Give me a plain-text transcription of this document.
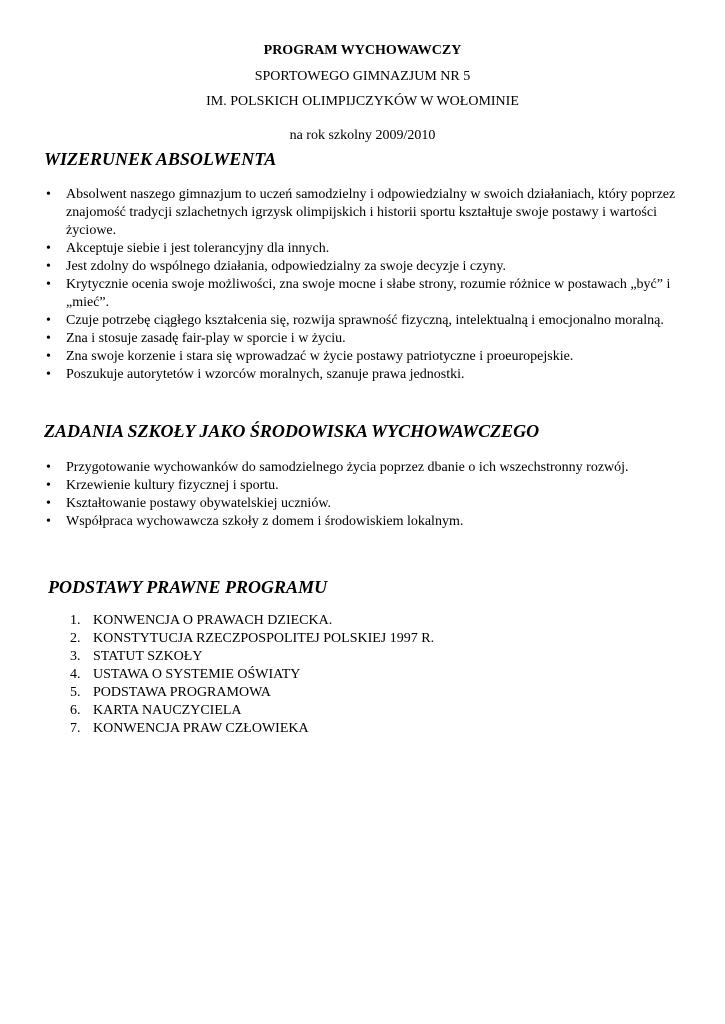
PROGRAM WYCHOWAWCZY
SPORTOWEGO GIMNAZJUM NR 5
IM. POLSKICH OLIMPIJCZYKÓW W WOŁOMINIE
na rok szkolny 2009/2010
WIZERUNEK ABSOLWENTA
• Absolwent naszego gimnazjum to uczeń samodzielny i odpowiedzialny w swoich działaniach, który poprzez znajomość tradycji szlachetnych igrzysk olimpijskich i historii sportu kształtuje swoje postawy i wartości życiowe.
• Akceptuje siebie i jest tolerancyjny dla innych.
• Jest zdolny do wspólnego działania, odpowiedzialny za swoje decyzje i czyny.
• Krytycznie ocenia swoje możliwości, zna swoje mocne i słabe strony, rozumie różnice w postawach „być” i „mieć”.
• Czuje potrzebę ciągłego kształcenia się, rozwija sprawność fizyczną, intelektualną i emocjonalno moralną.
• Zna i stosuje zasadę fair-play w sporcie i w życiu.
• Zna swoje korzenie i stara się wprowadzać w życie postawy patriotyczne i proeuropejskie.
• Poszukuje autorytetów i wzorców moralnych, szanuje prawa jednostki.
ZADANIA SZKOŁY JAKO ŚRODOWISKA WYCHOWAWCZEGO
• Przygotowanie wychowanków do samodzielnego życia poprzez dbanie o ich wszechstronny rozwój.
• Krzewienie kultury fizycznej i sportu.
• Kształtowanie postawy obywatelskiej uczniów.
• Współpraca wychowawcza szkoły z domem i środowiskiem lokalnym.
PODSTAWY PRAWNE PROGRAMU
1. KONWENCJA O PRAWACH DZIECKA.
2. KONSTYTUCJA RZECZPOSPOLITEJ POLSKIEJ 1997 R.
3. STATUT SZKOŁY
4. USTAWA O SYSTEMIE OŚWIATY
5. PODSTAWA PROGRAMOWA
6. KARTA NAUCZYCIELA
7. KONWENCJA PRAW CZŁOWIEKA
